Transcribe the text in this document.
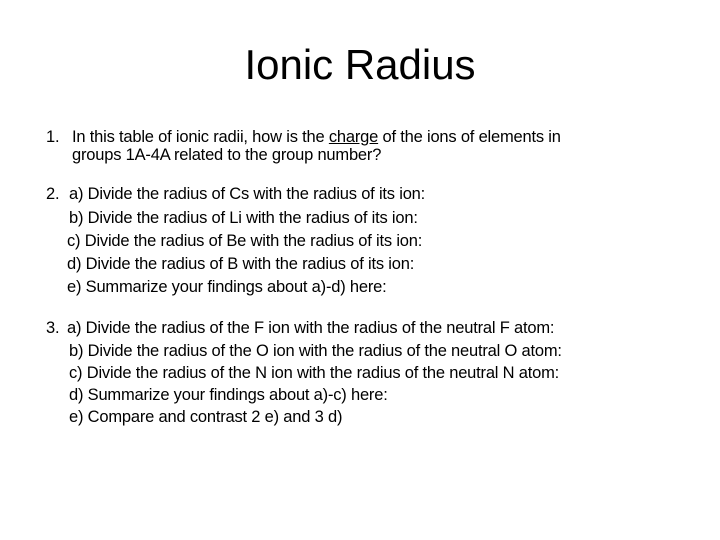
Ionic Radius
1. In this table of ionic radii, how is the charge of the ions of elements in
groups 1A-4A related to the group number?
2. a) Divide the radius of Cs with the radius of its ion:
b) Divide the radius of Li with the radius of its ion:
c) Divide the radius of Be with the radius of its ion:
d) Divide the radius of B with the radius of its ion:
e) Summarize your findings about a)-d) here:
3. a) Divide the radius of the F ion with the radius of the neutral F atom:
b) Divide the radius of the O ion with the radius of the neutral O atom:
c) Divide the radius of the N ion with the radius of the neutral N atom:
d) Summarize your findings about a)-c) here:
e) Compare and contrast 2 e) and 3 d)
